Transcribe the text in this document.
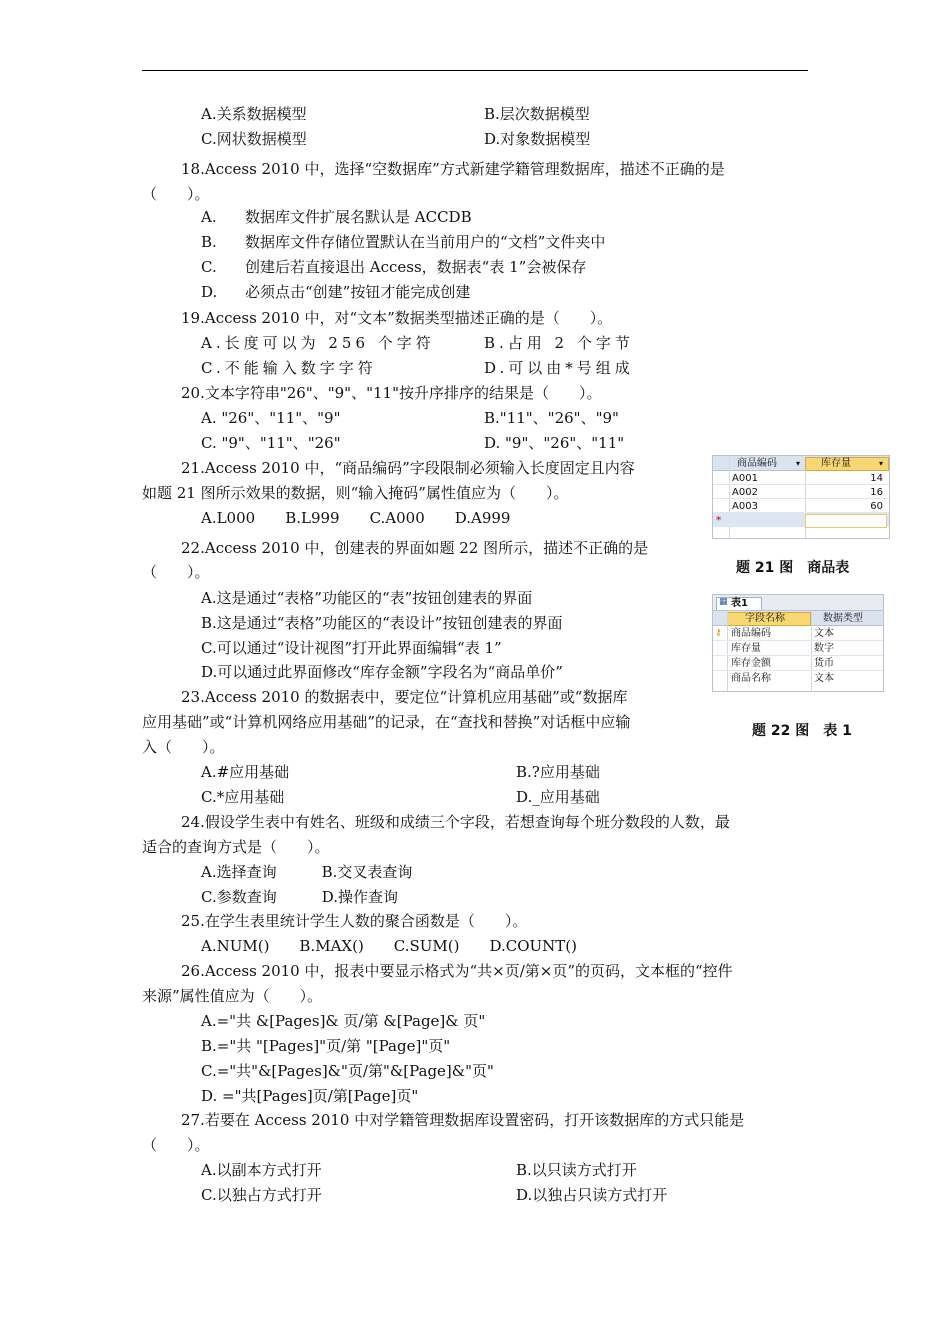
A.关系数据模型	B.层次数据模型
C.网状数据模型	D.对象数据模型
18.Access 2010 中，选择“空数据库”方式新建学籍管理数据库，描述不正确的是
（　　）。
A. 数据库文件扩展名默认是 ACCDB
B. 数据库文件存储位置默认在当前用户的“文档”文件夹中
C. 创建后若直接退出 Access，数据表“表 1”会被保存
D. 必须点击“创建”按钮才能完成创建
19.Access 2010 中，对“文本”数据类型描述正确的是（　　）。
A.长度可以为 256 个字符	B.占用 2 个字节
C.不能输入数字字符	D.可以由*号组成
20.文本字符串"26"、"9"、"11"按升序排序的结果是（　　）。
A. "26"、"11"、"9"	B."11"、"26"、"9"
C. "9"、"11"、"26"	D. "9"、"26"、"11"
21.Access 2010 中，“商品编码”字段限制必须输入长度固定且内容
如题 21 图所示效果的数据，则“输入掩码”属性值应为（　　）。
A.L000　　B.L999　　C.A000　　D.A999
22.Access 2010 中，创建表的界面如题 22 图所示，描述不正确的是
（　　）。
A.这是通过“表格”功能区的“表”按钮创建表的界面
B.这是通过“表格”功能区的“表设计”按钮创建表的界面
C.可以通过“设计视图”打开此界面编辑“表 1”
D.可以通过此界面修改“库存金额”字段名为“商品单价”
23.Access 2010 的数据表中，要定位“计算机应用基础”或“数据库
应用基础”或“计算机网络应用基础”的记录，在“查找和替换”对话框中应输
入（　　）。
A.#应用基础	B.?应用基础
C.*应用基础	D._应用基础
24.假设学生表中有姓名、班级和成绩三个字段，若想查询每个班分数段的人数，最
适合的查询方式是（　　）。
A.选择查询　　　B.交叉表查询
C.参数查询　　　D.操作查询
25.在学生表里统计学生人数的聚合函数是（　　）。
A.NUM()　　B.MAX()　　C.SUM()　　D.COUNT()
26.Access 2010 中，报表中要显示格式为“共×页/第×页”的页码，文本框的“控件
来源”属性值应为（　　）。
A.="共 &[Pages]& 页/第 &[Page]& 页"
B.="共 "[Pages]"页/第 "[Page]"页"
C.="共"&[Pages]&"页/第"&[Page]&"页"
D. ="共[Pages]页/第[Page]页"
27.若要在 Access 2010 中对学籍管理数据库设置密码，打开该数据库的方式只能是
（　　）。
A.以副本方式打开	B.以只读方式打开
C.以独占方式打开	D.以独占只读方式打开
商品编码	库存量
▾	▾
A001	14
A002	16
A003	60
*
题 21 图　商品表
▦ 表1
字段名称	数据类型
⚷ 商品编码	文本
库存量	数字
库存金额	货币
商品名称	文本
题 22 图　表 1
